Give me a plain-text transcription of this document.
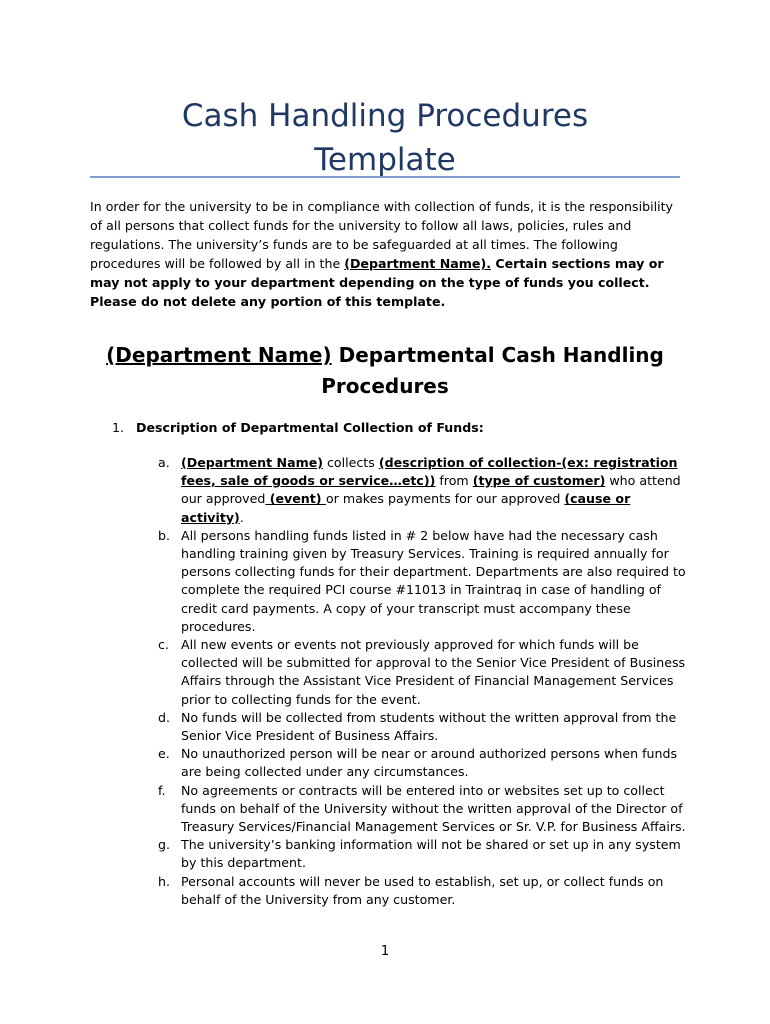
Cash Handling Procedures
Template

In order for the university to be in compliance with collection of funds, it is the responsibility of all persons that collect funds for the university to follow all laws, policies, rules and regulations. The university’s funds are to be safeguarded at all times. The following procedures will be followed by all in the (Department Name). Certain sections may or may not apply to your department depending on the type of funds you collect. Please do not delete any portion of this template.

(Department Name) Departmental Cash Handling Procedures

1. Description of Departmental Collection of Funds:

a. (Department Name) collects (description of collection-(ex: registration fees, sale of goods or service…etc)) from (type of customer) who attend our approved (event) or makes payments for our approved (cause or activity).
b. All persons handling funds listed in # 2 below have had the necessary cash handling training given by Treasury Services. Training is required annually for persons collecting funds for their department. Departments are also required to complete the required PCI course #11013 in Traintraq in case of handling of credit card payments. A copy of your transcript must accompany these procedures.
c. All new events or events not previously approved for which funds will be collected will be submitted for approval to the Senior Vice President of Business Affairs through the Assistant Vice President of Financial Management Services prior to collecting funds for the event.
d. No funds will be collected from students without the written approval from the Senior Vice President of Business Affairs.
e. No unauthorized person will be near or around authorized persons when funds are being collected under any circumstances.
f.	No agreements or contracts will be entered into or websites set up to collect funds on behalf of the University without the written approval of the Director of Treasury Services/Financial Management Services or Sr. V.P. for Business Affairs.
g. The university’s banking information will not be shared or set up in any system by this department.
h. Personal accounts will never be used to establish, set up, or collect funds on behalf of the University from any customer.
1
